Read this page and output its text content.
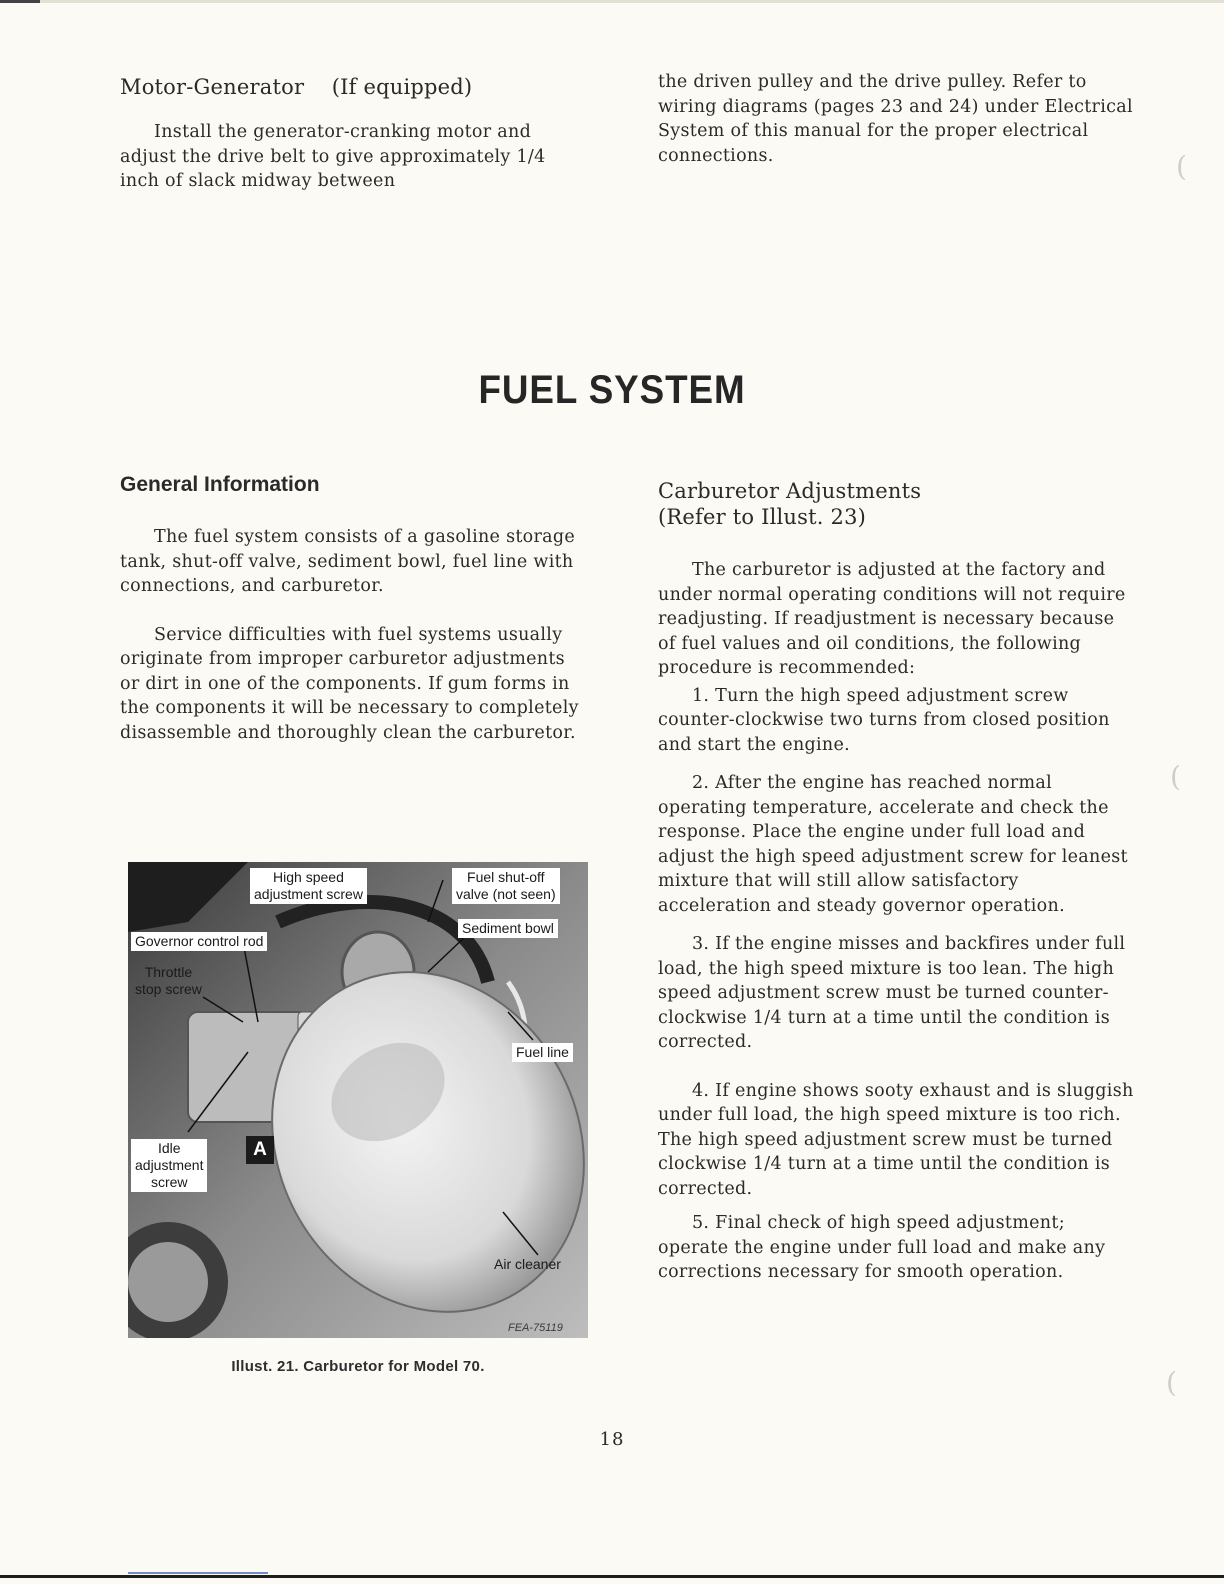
Motor-Generator (If equipped)

Install the generator-cranking motor and adjust the drive belt to give approximately 1/4 inch of slack midway between

the driven pulley and the drive pulley. Refer to wiring diagrams (pages 23 and 24) under Electrical System of this manual for the proper electrical connections.

FUEL SYSTEM

General Information

The fuel system consists of a gasoline storage tank, shut-off valve, sediment bowl, fuel line with connections, and carburetor.

Service difficulties with fuel systems usually originate from improper carburetor adjustments or dirt in one of the components. If gum forms in the components it will be necessary to completely disassemble and thoroughly clean the carburetor.

Carburetor Adjustments

(Refer to Illust. 23)

The carburetor is adjusted at the factory and under normal operating conditions will not require readjusting. If readjustment is necessary because of fuel values and oil conditions, the following procedure is recommended:

1. Turn the high speed adjustment screw counter-clockwise two turns from closed position and start the engine.

2. After the engine has reached normal operating temperature, accelerate and check the response. Place the engine under full load and adjust the high speed adjustment screw for leanest mixture that will still allow satisfactory acceleration and steady governor operation.

3. If the engine misses and backfires under full load, the high speed mixture is too lean. The high speed adjustment screw must be turned counter-clockwise 1/4 turn at a time until the condition is corrected.

4. If engine shows sooty exhaust and is sluggish under full load, the high speed mixture is too rich. The high speed adjustment screw must be turned clockwise 1/4 turn at a time until the condition is corrected.

5. Final check of high speed adjustment; operate the engine under full load and make any corrections necessary for smooth operation.

High speed
adjustment screw
Fuel shut-off
valve (not seen)
Sediment bowl
Governor control rod
Throttle
stop screw
Fuel line
Idle
adjustment
screw
Air cleaner
A
FEA-75119
Illust. 21. Carburetor for Model 70.
18
(
(
(
